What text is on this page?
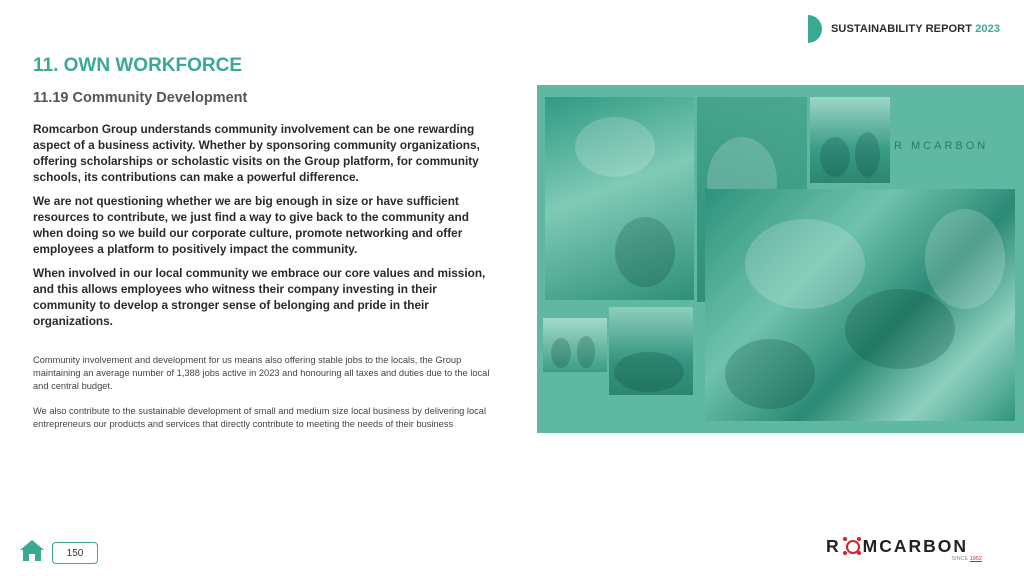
SUSTAINABILITY REPORT 2023
11. OWN WORKFORCE
11.19 Community Development

Romcarbon Group understands community involvement can be one rewarding aspect of a business activity. Whether by sponsoring community organizations, offering scholarships or scholastic visits on the Group platform, for community schools, its contributions can make a powerful difference.

We are not questioning whether we are big enough in size or have sufficient resources to contribute, we just find a way to give back to the community and when doing so we build our corporate culture, promote networking and offer employees a platform to positively impact the community.

When involved in our local community we embrace our core values and mission, and this allows employees who witness their company investing in their community to develop a stronger sense of belonging and pride in their organizations.

Community involvement and development for us means also offering stable jobs to the locals, the Group maintaining an average number of 1,388 jobs active in 2023 and honouring all taxes and duties due to the local and central budget.

We also contribute to the sustainable development of small and medium size local business by delivering local entrepreneurs our products and services that directly contribute to meeting the needs of their business

R MCARBON
150	R MCARBON
SINCE 1952
